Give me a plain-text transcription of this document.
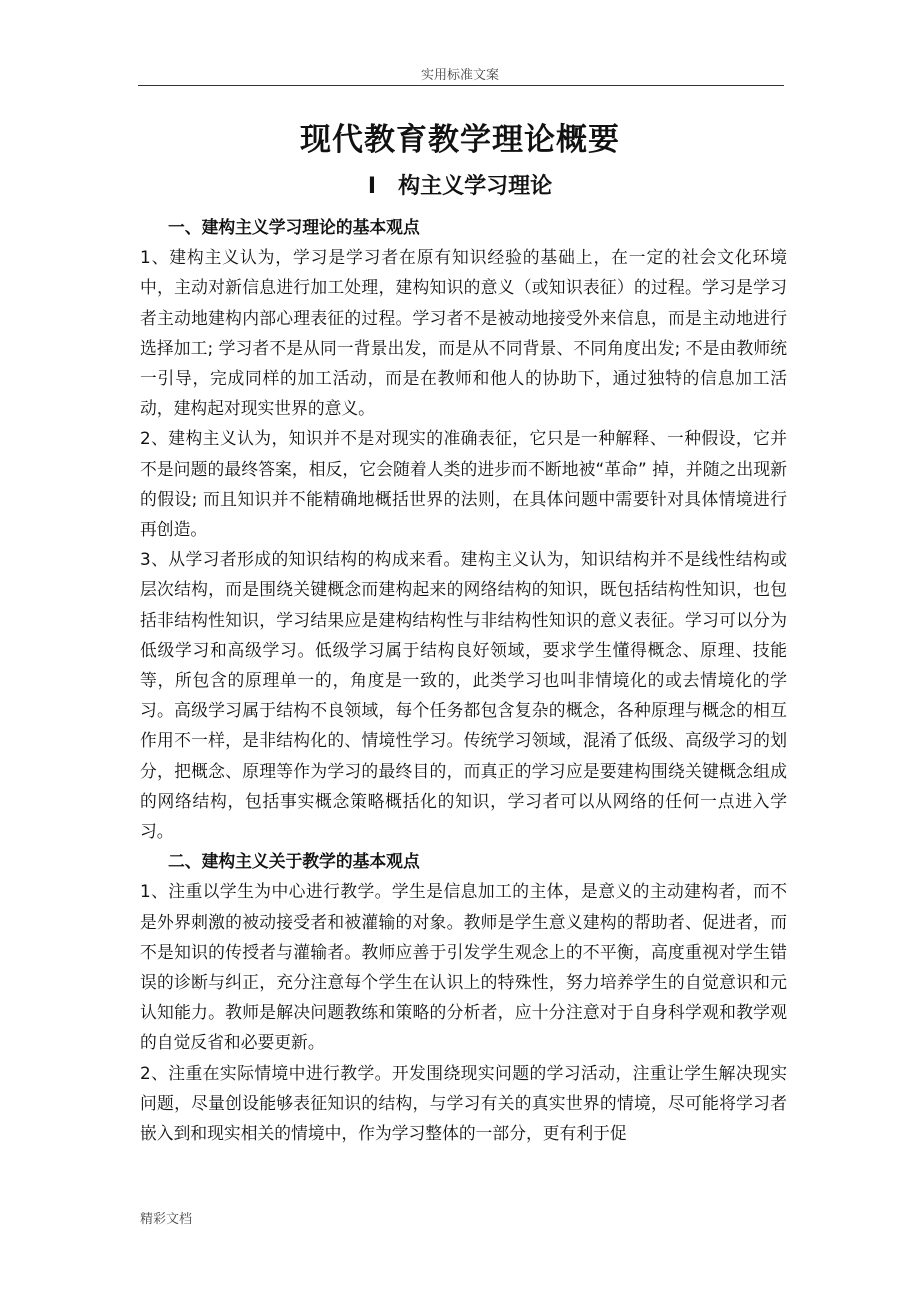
实用标准文案
现代教育教学理论概要
I 构主义学习理论
一、建构主义学习理论的基本观点

1、建构主义认为，学习是学习者在原有知识经验的基础上，在一定的社会文化环境中，主动对新信息进行加工处理，建构知识的意义（或知识表征）的过程。学习是学习者主动地建构内部心理表征的过程。学习者不是被动地接受外来信息，而是主动地进行选择加工; 学习者不是从同一背景出发，而是从不同背景、不同角度出发; 不是由教师统一引导，完成同样的加工活动，而是在教师和他人的协助下，通过独特的信息加工活动，建构起对现实世界的意义。

2、建构主义认为，知识并不是对现实的准确表征，它只是一种解释、一种假设，它并不是问题的最终答案，相反，它会随着人类的进步而不断地被“革命” 掉，并随之出现新的假设; 而且知识并不能精确地概括世界的法则，在具体问题中需要针对具体情境进行再创造。

3、从学习者形成的知识结构的构成来看。建构主义认为，知识结构并不是线性结构或层次结构，而是围绕关键概念而建构起来的网络结构的知识，既包括结构性知识，也包括非结构性知识，学习结果应是建构结构性与非结构性知识的意义表征。学习可以分为低级学习和高级学习。低级学习属于结构良好领域，要求学生懂得概念、原理、技能等，所包含的原理单一的，角度是一致的，此类学习也叫非情境化的或去情境化的学习。高级学习属于结构不良领域，每个任务都包含复杂的概念，各种原理与概念的相互作用不一样，是非结构化的、情境性学习。传统学习领域，混淆了低级、高级学习的划分，把概念、原理等作为学习的最终目的，而真正的学习应是要建构围绕关键概念组成的网络结构，包括事实概念策略概括化的知识，学习者可以从网络的任何一点进入学习。

二、建构主义关于教学的基本观点

1、注重以学生为中心进行教学。学生是信息加工的主体，是意义的主动建构者，而不是外界刺激的被动接受者和被灌输的对象。教师是学生意义建构的帮助者、促进者，而不是知识的传授者与灌输者。教师应善于引发学生观念上的不平衡，高度重视对学生错误的诊断与纠正，充分注意每个学生在认识上的特殊性，努力培养学生的自觉意识和元认知能力。教师是解决问题教练和策略的分析者，应十分注意对于自身科学观和教学观的自觉反省和必要更新。

2、注重在实际情境中进行教学。开发围绕现实问题的学习活动，注重让学生解决现实问题，尽量创设能够表征知识的结构，与学习有关的真实世界的情境，尽可能将学习者嵌入到和现实相关的情境中，作为学习整体的一部分，更有利于促

精彩文档
